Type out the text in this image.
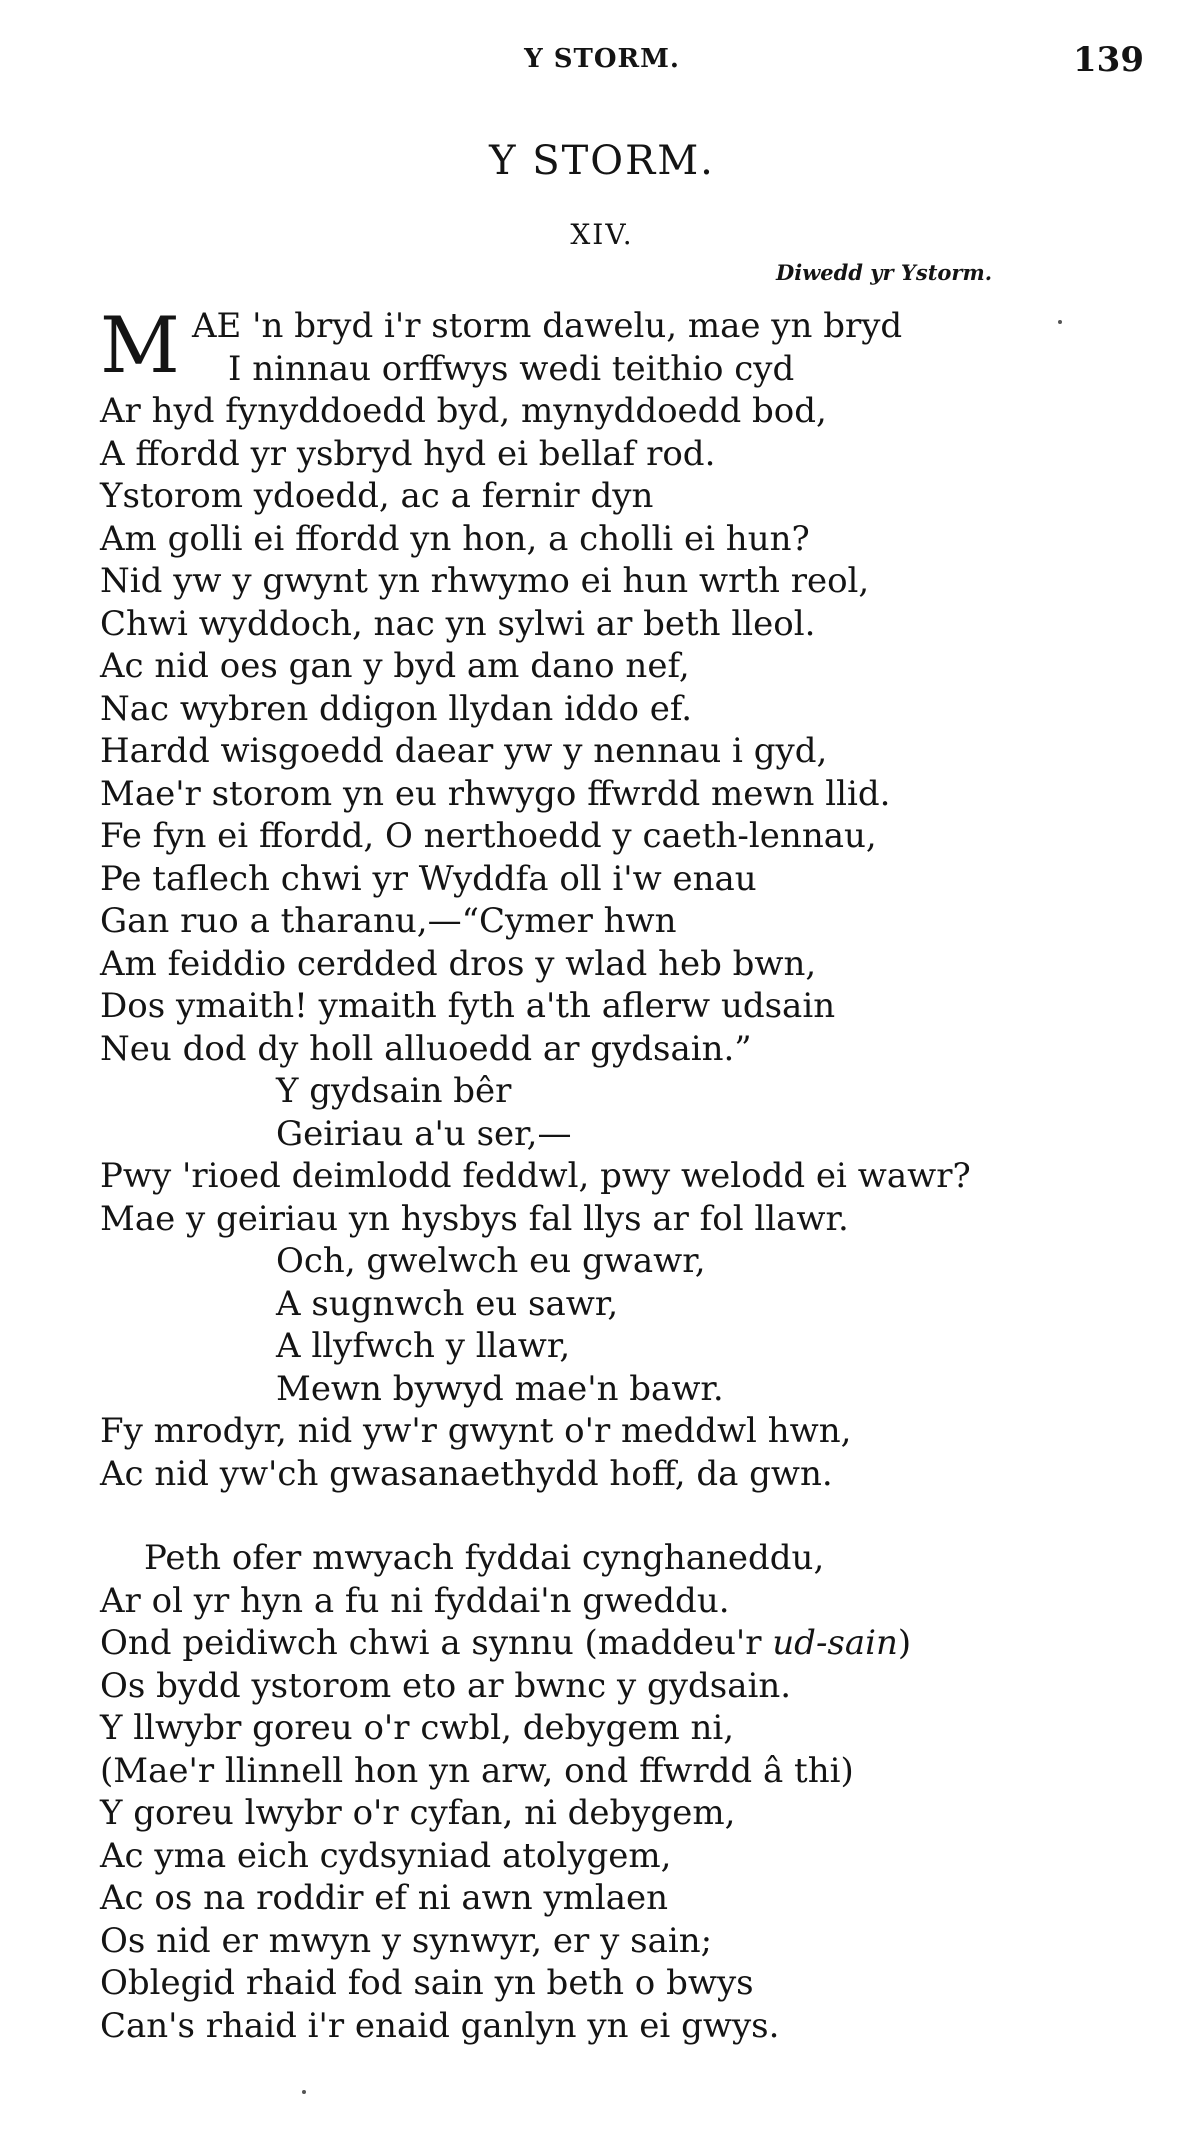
Y STORM.	139
Y STORM.
XIV.
Diwedd yr Ystorm.
M AE 'n bryd i'r storm dawelu, mae yn bryd
I ninnau orffwys wedi teithio cyd
Ar hyd fynyddoedd byd, mynyddoedd bod,
A ffordd yr ysbryd hyd ei bellaf rod.
Ystorom ydoedd, ac a fernir dyn
Am golli ei ffordd yn hon, a cholli ei hun?
Nid yw y gwynt yn rhwymo ei hun wrth reol,
Chwi wyddoch, nac yn sylwi ar beth lleol.
Ac nid oes gan y byd am dano nef,
Nac wybren ddigon llydan iddo ef.
Hardd wisgoedd daear yw y nennau i gyd,
Mae'r storom yn eu rhwygo ffwrdd mewn llid.
Fe fyn ei ffordd, O nerthoedd y caeth-lennau,
Pe taflech chwi yr Wyddfa oll i'w enau
Gan ruo a tharanu,—“Cymer hwn
Am feiddio cerdded dros y wlad heb bwn,
Dos ymaith! ymaith fyth a'th aflerw udsain
Neu dod dy holl alluoedd ar gydsain.”
Y gydsain bêr
Geiriau a'u ser,—
Pwy 'rioed deimlodd feddwl, pwy welodd ei wawr?
Mae y geiriau yn hysbys fal llys ar fol llawr.
Och, gwelwch eu gwawr,
A sugnwch eu sawr,
A llyfwch y llawr,
Mewn bywyd mae'n bawr.
Fy mrodyr, nid yw'r gwynt o'r meddwl hwn,
Ac nid yw'ch gwasanaethydd hoff, da gwn.
Peth ofer mwyach fyddai cynghaneddu,
Ar ol yr hyn a fu ni fyddai'n gweddu.
Ond peidiwch chwi a synnu (maddeu'r ud-sain)
Os bydd ystorom eto ar bwnc y gydsain.
Y llwybr goreu o'r cwbl, debygem ni,
(Mae'r llinnell hon yn arw, ond ffwrdd â thi)
Y goreu lwybr o'r cyfan, ni debygem,
Ac yma eich cydsyniad atolygem,
Ac os na roddir ef ni awn ymlaen
Os nid er mwyn y synwyr, er y sain;
Oblegid rhaid fod sain yn beth o bwys
Can's rhaid i'r enaid ganlyn yn ei gwys.
